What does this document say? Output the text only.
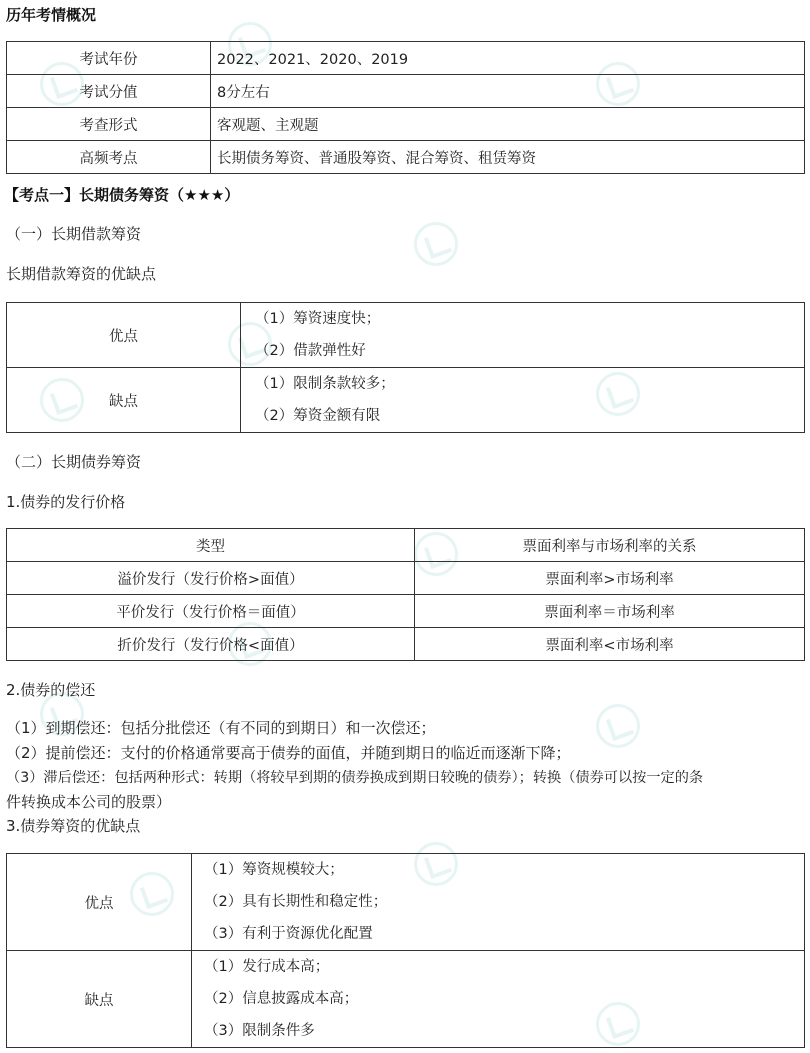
历年考情概况
考试年份	2022、2021、2020、2019
考试分值	8分左右
考查形式	客观题、主观题
高频考点	长期债务筹资、普通股筹资、混合筹资、租赁筹资
【考点一】长期债务筹资（★★★）
（一）长期借款筹资
长期借款筹资的优缺点
优点	（1）筹资速度快；
（2）借款弹性好

缺点	（1）限制条款较多；
（2）筹资金额有限
（二）长期债券筹资
1.债券的发行价格
类型	票面利率与市场利率的关系
溢价发行（发行价格>面值）	票面利率>市场利率
平价发行（发行价格＝面值）	票面利率＝市场利率
折价发行（发行价格<面值）	票面利率<市场利率
2.债券的偿还
（1）到期偿还：包括分批偿还（有不同的到期日）和一次偿还；
（2）提前偿还：支付的价格通常要高于债券的面值，并随到期日的临近而逐渐下降；
（3）滞后偿还：包括两种形式：转期（将较早到期的债券换成到期日较晚的债券）；转换（债券可以按一定的条
件转换成本公司的股票）
3.债券筹资的优缺点
优点	（1）筹资规模较大；
（2）具有长期性和稳定性；
（3）有利于资源优化配置

缺点	（1）发行成本高；
（2）信息披露成本高；
（3）限制条件多
